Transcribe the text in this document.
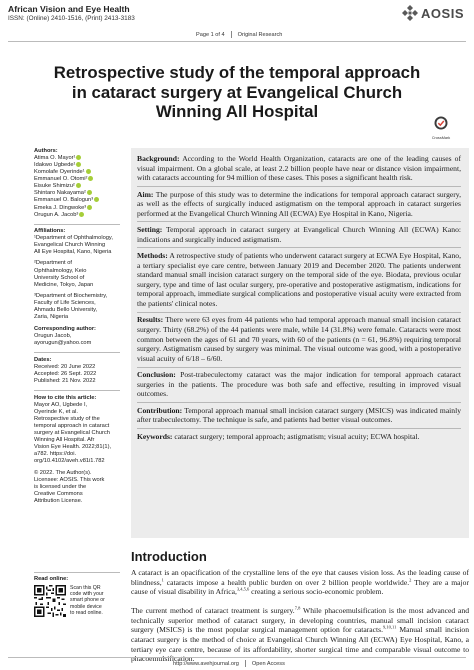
African Vision and Eye Health
ISSN: (Online) 2410-1516, (Print) 2413-3183	AOSIS
Page 1 of 4 Original Research
Retrospective study of the temporal approach in cataract surgery at Evangelical Church Winning All Hospital
CrossMark
Authors:
Atima O. Mayor¹
Idakwo Ugbede¹
Komolafe Oyerinde¹
Emmanuel O. Otomi²
Eisuke Shimizu²
Shintaro Nakayama²
Emmanuel O. Balogun³
Emeka J. Dingwoke³
Orugun A. Jacob³
Affiliations:
¹Department of Ophthalmology,
Evangelical Church Winning
All Eye Hospital, Kano, Nigeria
²Department of
Ophthalmology, Keio
University School of
Medicine, Tokyo, Japan
³Department of Biochemistry,
Faculty of Life Sciences,
Ahmadu Bello University,
Zaria, Nigeria
Corresponding author:
Orugun Jacob,
ayorugun@yahoo.com
Dates:
Received: 20 June 2022
Accepted: 26 Sept. 2022
Published: 21 Nov. 2022
How to cite this article:
Mayor AO, Ugbede I,
Oyerinde K, et al.
Retrospective study of the
temporal approach in cataract
surgery at Evangelical Church
Winning All Hospital. Afr
Vision Eye Health. 2022;81(1),
a782. https://doi.
org/10.4102/aveh.v81i1.782
© 2022. The Author(s).
Licensee: AOSIS. This work
is licensed under the
Creative Commons
Attribution License.
Read online:
Scan this QR
code with your
smart phone or
mobile device
to read online.
Background: According to the World Health Organization, cataracts are one of the leading causes of visual impairment. On a global scale, at least 2.2 billion people have near or distance vision impairment, with cataracts accounting for 94 million of these cases. This poses a significant health risk.
Aim: The purpose of this study was to determine the indications for temporal approach cataract surgery, as well as the effects of surgically induced astigmatism on the temporal approach in cataract surgeries performed at the Evangelical Church Winning All (ECWA) Eye Hospital in Kano, Nigeria.
Setting: Temporal approach in cataract surgery at Evangelical Church Winning All (ECWA) Kano: indications and surgically induced astigmatism.
Methods: A retrospective study of patients who underwent cataract surgery at ECWA Eye Hospital, Kano, a tertiary specialist eye care centre, between January 2019 and December 2020. The patients underwent standard manual small incision cataract surgery on the temporal side of the eye. Biodata, previous ocular surgery, type and time of last ocular surgery, pre-operative and postoperative astigmatism, indications for temporal approach, immediate surgical complications and postoperative visual acuity were extracted from the patients' clinical notes.
Results: There were 63 eyes from 44 patients who had temporal approach manual small incision cataract surgery. Thirty (68.2%) of the 44 patients were male, while 14 (31.8%) were female. Cataracts were most common between the ages of 61 and 70 years, with 60 of the patients (n = 61, 96.8%) requiring temporal surgery. Astigmatism caused by surgery was minimal. The visual outcome was good, with a postoperative visual acuity of 6/18 – 6/60.
Conclusion: Post-trabeculectomy cataract was the major indication for temporal approach cataract surgeries in the patients. The procedure was both safe and effective, resulting in improved visual outcomes.
Contribution: Temporal approach manual small incision cataract surgery (MSICS) was indicated mainly after trabeculectomy. The technique is safe, and patients had better visual outcomes.
Keywords: cataract surgery; temporal approach; astigmatism; visual acuity; ECWA hospital.
Introduction
A cataract is an opacification of the crystalline lens of the eye that causes vision loss. As the leading cause of blindness,$^1$ cataracts impose a health public burden on over 2 billion people worldwide.$^2$ They are a major cause of visual disability in Africa,$^{3,4,5,6}$ creating a serious socio-economic problem.
The current method of cataract treatment is surgery.$^{7,8}$ While phacoemulsification is the most advanced and technically superior method of cataract surgery, in developing countries, manual small incision cataract surgery (MSICS) is the most popular surgical management option for cataracts.$^{9,10,11}$ Manual small incision cataract surgery is the method of choice at Evangelical Church Winning All (ECWA) Eye Hospital, Kano, a tertiary eye care centre, because of its affordability, shorter surgical time and comparable visual outcome to phacoemulsification.
http://www.avehjournal.org Open Access
